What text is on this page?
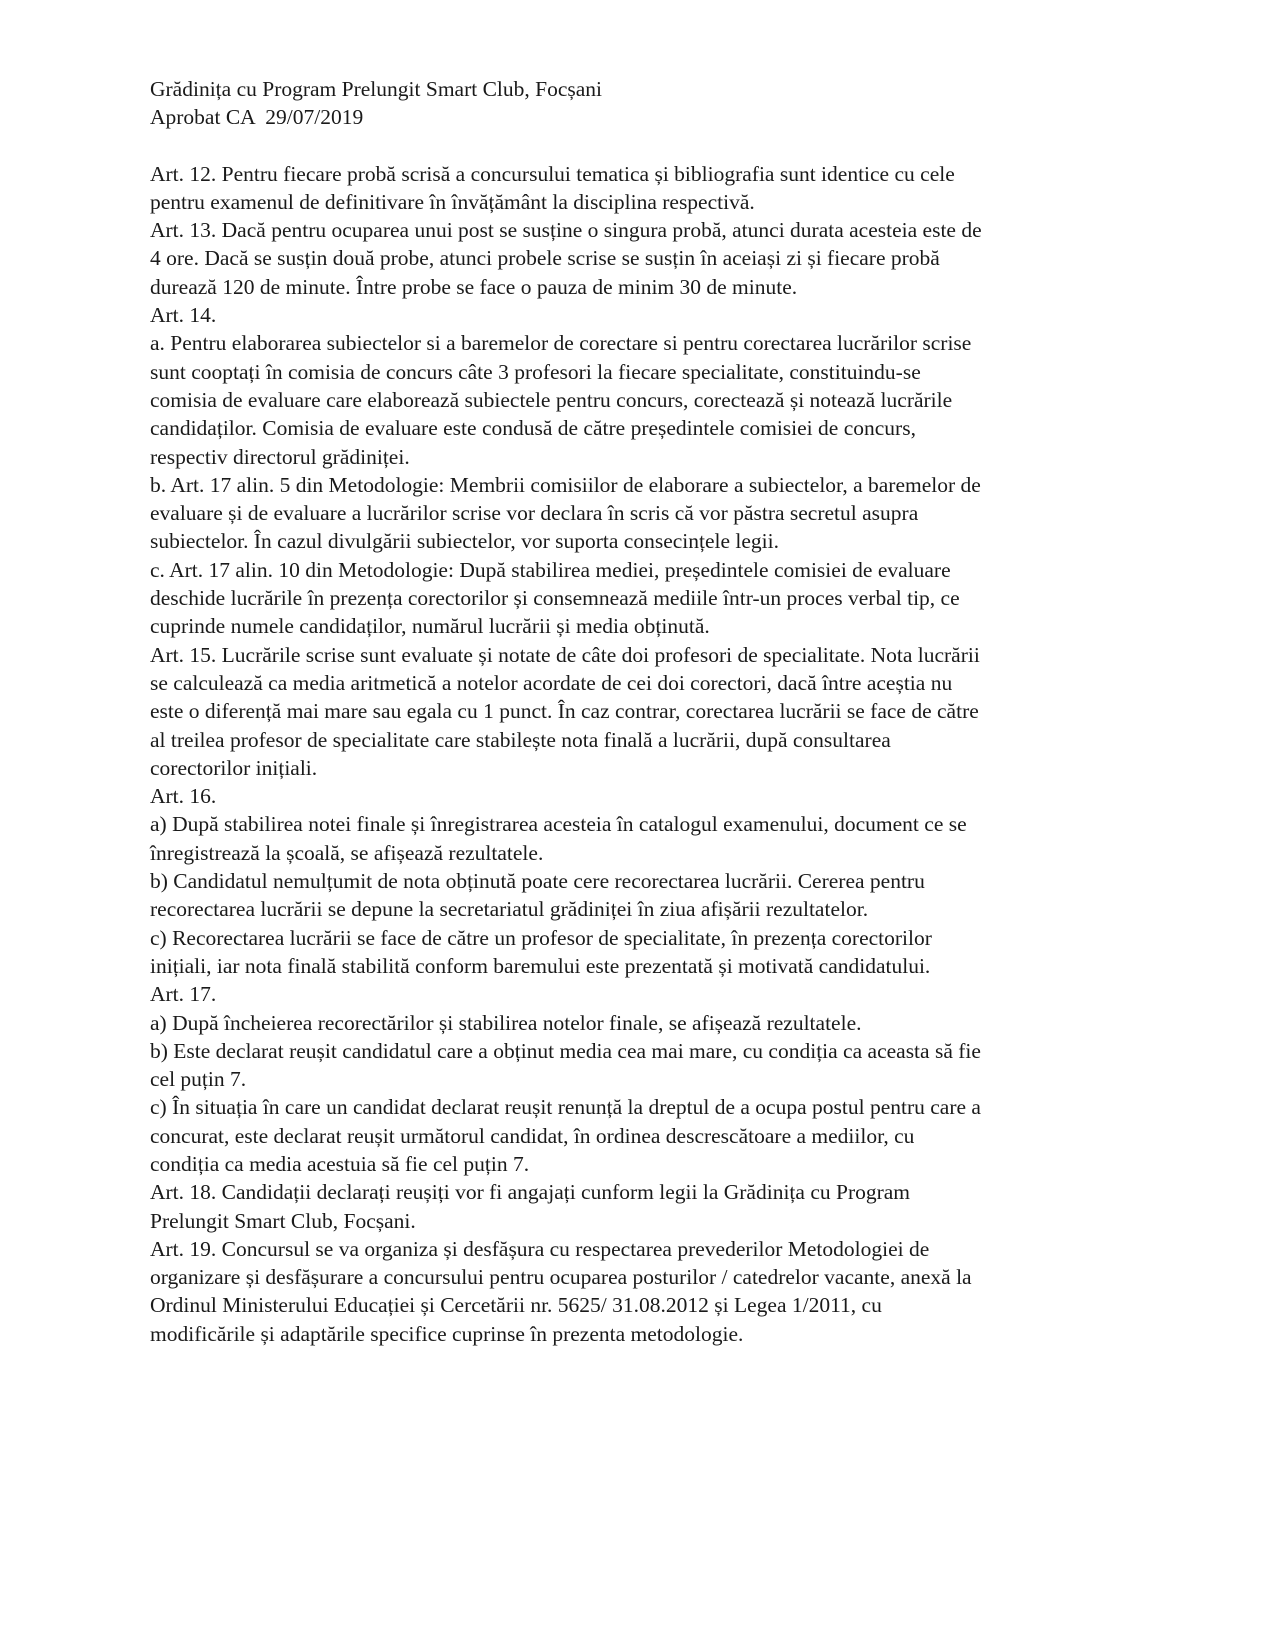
Grădinița cu Program Prelungit Smart Club, Focșani

Aprobat CA  29/07/2019

Art. 12. Pentru fiecare probă scrisă a concursului tematica și bibliografia sunt identice cu cele

pentru examenul de definitivare în învățământ la disciplina respectivă.

Art. 13. Dacă pentru ocuparea unui post se susține o singura probă, atunci durata acesteia este de

4 ore. Dacă se susțin două probe, atunci probele scrise se susțin în aceiași zi și fiecare probă

durează 120 de minute. Între probe se face o pauza de minim 30 de minute.

Art. 14.

a. Pentru elaborarea subiectelor si a baremelor de corectare si pentru corectarea lucrărilor scrise

sunt cooptați în comisia de concurs câte 3 profesori la fiecare specialitate, constituindu-se

comisia de evaluare care elaborează subiectele pentru concurs, corectează și notează lucrările

candidaților. Comisia de evaluare este condusă de către președintele comisiei de concurs,

respectiv directorul grădiniței.

b. Art. 17 alin. 5 din Metodologie: Membrii comisiilor de elaborare a subiectelor, a baremelor de

evaluare și de evaluare a lucrărilor scrise vor declara în scris că vor păstra secretul asupra

subiectelor. În cazul divulgării subiectelor, vor suporta consecințele legii.

c. Art. 17 alin. 10 din Metodologie: După stabilirea mediei, președintele comisiei de evaluare

deschide lucrările în prezența corectorilor și consemnează mediile într-un proces verbal tip, ce

cuprinde numele candidaților, numărul lucrării și media obținută.

Art. 15. Lucrările scrise sunt evaluate și notate de câte doi profesori de specialitate. Nota lucrării

se calculează ca media aritmetică a notelor acordate de cei doi corectori, dacă între aceștia nu

este o diferență mai mare sau egala cu 1 punct. În caz contrar, corectarea lucrării se face de către

al treilea profesor de specialitate care stabilește nota finală a lucrării, după consultarea

corectorilor inițiali.

Art. 16.

a) După stabilirea notei finale și înregistrarea acesteia în catalogul examenului, document ce se

înregistrează la școală, se afișează rezultatele.

b) Candidatul nemulțumit de nota obținută poate cere recorectarea lucrării. Cererea pentru

recorectarea lucrării se depune la secretariatul grădiniței în ziua afișării rezultatelor.

c) Recorectarea lucrării se face de către un profesor de specialitate, în prezența corectorilor

inițiali, iar nota finală stabilită conform baremului este prezentată și motivată candidatului.

Art. 17.

a) După încheierea recorectărilor și stabilirea notelor finale, se afișează rezultatele.

b) Este declarat reușit candidatul care a obținut media cea mai mare, cu condiția ca aceasta să fie

cel puțin 7.

c) În situația în care un candidat declarat reușit renunță la dreptul de a ocupa postul pentru care a

concurat, este declarat reușit următorul candidat, în ordinea descrescătoare a mediilor, cu

condiția ca media acestuia să fie cel puțin 7.

Art. 18. Candidații declarați reușiți vor fi angajați cunform legii la Grădinița cu Program

Prelungit Smart Club, Focșani.

Art. 19. Concursul se va organiza și desfășura cu respectarea prevederilor Metodologiei de

organizare și desfășurare a concursului pentru ocuparea posturilor / catedrelor vacante, anexă la

Ordinul Ministerului Educației și Cercetării nr. 5625/ 31.08.2012 și Legea 1/2011, cu

modificările și adaptările specifice cuprinse în prezenta metodologie.
